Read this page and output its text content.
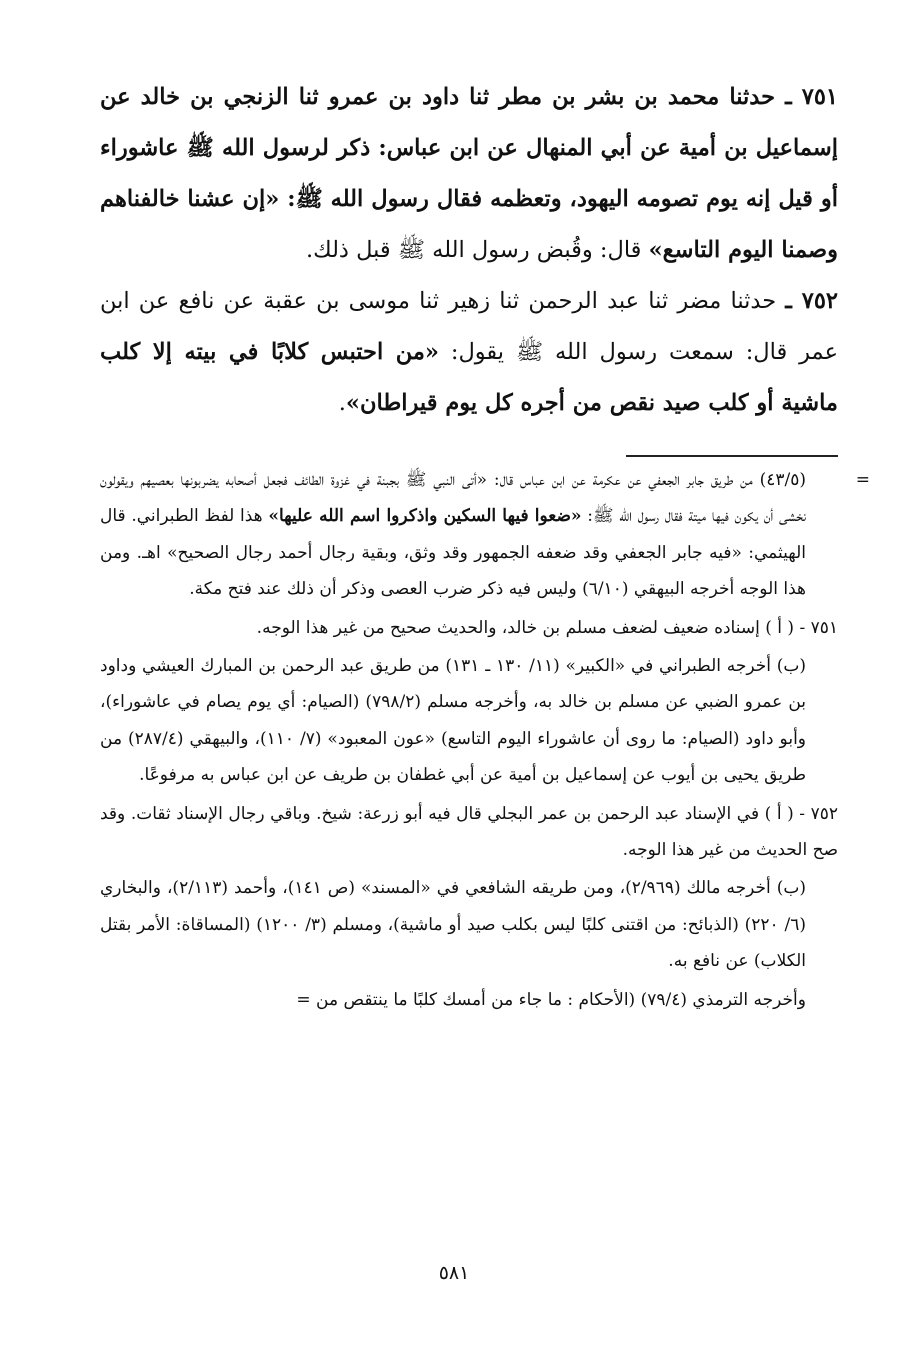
٧٥١ ـ حدثنا محمد بن بشر بن مطر ثنا داود بن عمرو ثنا الزنجي بن خالد عن إسماعيل بن أمية عن أبي المنهال عن ابن عباس: ذكر لرسول الله ﷺ عاشوراء أو قيل إنه يوم تصومه اليهود، وتعظمه فقال رسول الله ﷺ: «إن عشنا خالفناهم وصمنا اليوم التاسع» قال: وقُبض رسول الله ﷺ قبل ذلك.

٧٥٢ ـ حدثنا مضر ثنا عبد الرحمن ثنا زهير ثنا موسى بن عقبة عن نافع عن ابن عمر قال: سمعت رسول الله ﷺ يقول: «من احتبس كلابًا في بيته إلا كلب ماشية أو كلب صيد نقص من أجره كل يوم قيراطان».

=
(٤٣/٥) من طريق جابر الجعفي عن عكرمة عن ابن عباس قال: «أتى النبي ﷺ بجبنة في غزوة الطائف فجعل أصحابه يضربونها بعصيهم ويقولون نخشى أن يكون فيها ميتة فقال رسول الله ﷺ: «ضعوا فيها السكين واذكروا اسم الله عليها» هذا لفظ الطبراني. قال الهيثمي: «فيه جابر الجعفي وقد ضعفه الجمهور وقد وثق، وبقية رجال أحمد رجال الصحيح» اهـ. ومن هذا الوجه أخرجه البيهقي (٦/١٠) وليس فيه ذكر ضرب العصى وذكر أن ذلك عند فتح مكة.
٧٥١ - ( أ ) إسناده ضعيف لضعف مسلم بن خالد، والحديث صحيح من غير هذا الوجه.
(ب) أخرجه الطبراني في «الكبير» (١١/ ١٣٠ ـ ١٣١) من طريق عبد الرحمن بن المبارك العيشي وداود بن عمرو الضبي عن مسلم بن خالد به، وأخرجه مسلم (٧٩٨/٢) (الصيام: أي يوم يصام في عاشوراء)، وأبو داود (الصيام: ما روى أن عاشوراء اليوم التاسع) «عون المعبود» (٧/ ١١٠)، والبيهقي (٢٨٧/٤) من طريق يحيى بن أيوب عن إسماعيل بن أمية عن أبي غطفان بن طريف عن ابن عباس به مرفوعًا.
٧٥٢ - ( أ ) في الإسناد عبد الرحمن بن عمر البجلي قال فيه أبو زرعة: شيخ. وباقي رجال الإسناد ثقات. وقد صح الحديث من غير هذا الوجه.
(ب) أخرجه مالك (٢/٩٦٩)، ومن طريقه الشافعي في «المسند» (ص ١٤١)، وأحمد (٢/١١٣)، والبخاري (٦/ ٢٢٠) (الذبائح: من اقتنى كلبًا ليس بكلب صيد أو ماشية)، ومسلم (٣/ ١٢٠٠) (المساقاة: الأمر بقتل الكلاب) عن نافع به.
وأخرجه الترمذي (٧٩/٤) (الأحكام : ما جاء من أمسك كلبًا ما ينتقص من =
٥٨١
